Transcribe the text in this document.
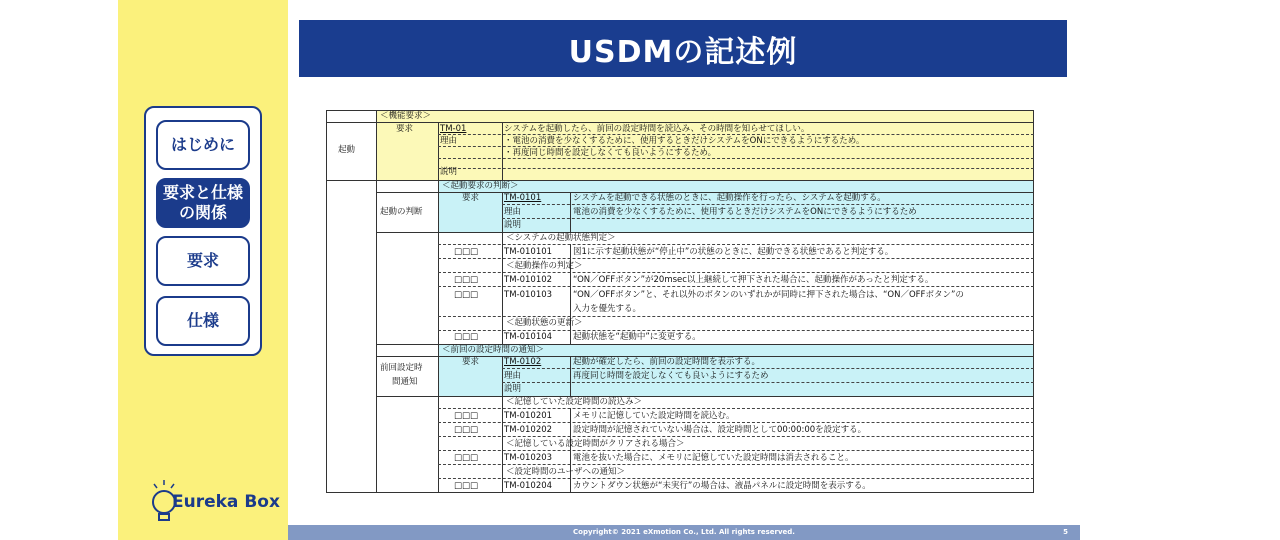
はじめに
要求と仕様の関係
要求
仕様
Eureka Box
USDMの記述例
＜機能要求＞
起動
要求	TM-01	システムを起動したら、前回の設定時間を読込み、その時間を知らせてほしい。
理由	・電池の消費を少なくするために、使用するときだけシステムをONにできるようにするため。
・再度同じ時間を設定しなくても良いようにするため。
説明
＜起動要求の判断＞
起動の判断
要求	TM-0101	システムを起動できる状態のときに、起動操作を行ったら、システムを起動する。
理由	電池の消費を少なくするために、使用するときだけシステムをONにできるようにするため
説明
＜システムの起動状態判定＞
□□□	TM-010101 図1に示す起動状態が“停止中”の状態のときに、起動できる状態であると判定する。
＜起動操作の判定＞
□□□	TM-010102 “ON／OFFボタン”が20msec以上継続して押下された場合に、起動操作があったと判定する。
□□□	TM-010103 “ON／OFFボタン”と、それ以外のボタンのいずれかが同時に押下された場合は、“ON／OFFボタン”の
入力を優先する。
＜起動状態の更新＞
□□□	TM-010104 起動状態を“起動中”に変更する。
＜前回の設定時間の通知＞
前回設定時
間通知
要求	TM-0102	起動が確定したら、前回の設定時間を表示する。
理由	再度同じ時間を設定しなくても良いようにするため
説明
＜記憶していた設定時間の読込み＞
□□□	TM-010201 メモリに記憶していた設定時間を読込む。
□□□	TM-010202 設定時間が記憶されていない場合は、設定時間として00:00:00を設定する。
＜記憶している設定時間がクリアされる場合＞
□□□	TM-010203 電池を抜いた場合に、メモリに記憶していた設定時間は消去されること。
＜設定時間のユーザへの通知＞
□□□	TM-010204 カウントダウン状態が“未実行”の場合は、液晶パネルに設定時間を表示する。
Copyright© 2021 eXmotion Co., Ltd. All rights reserved.	5
